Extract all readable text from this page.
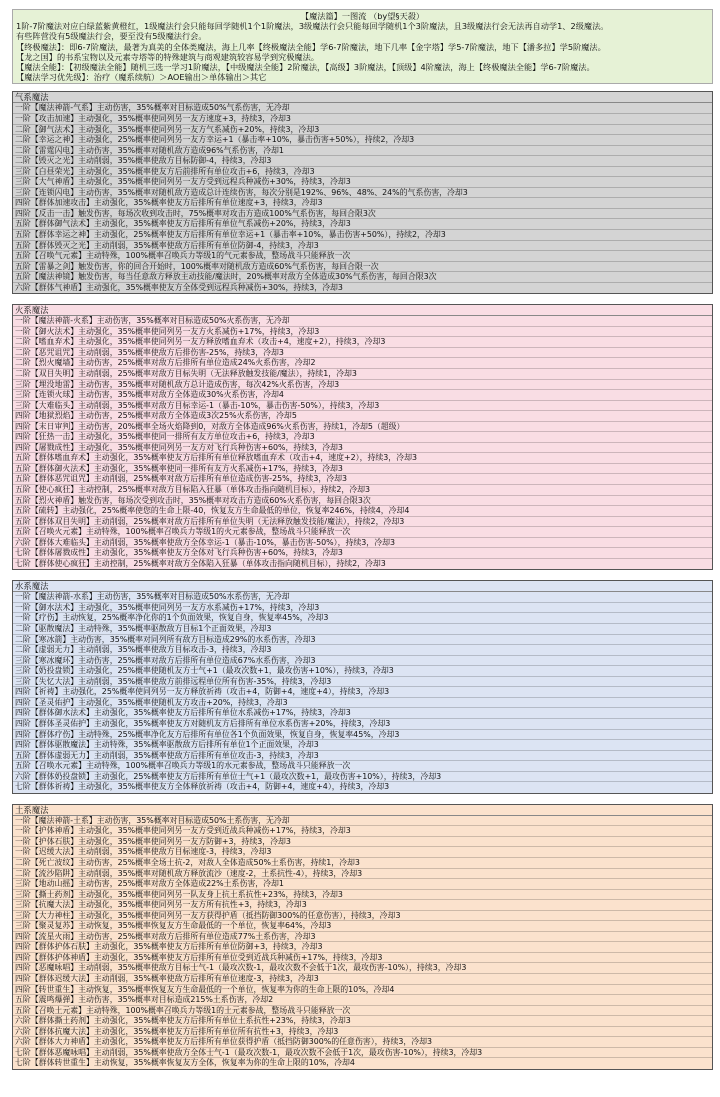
【魔法篇】一图流 （by望§天殺）
1阶-7阶魔法对应白绿蓝紫黄橙红，1级魔法行会只能每回学随机1个1阶魔法，3级魔法行会只能每回学随机1个3阶魔法，且3级魔法行会无法再自动学1、2级魔法。
有些阵营没有5级魔法行会，要至没有5级魔法行会。
【终极魔法】：即6-7阶魔法，最著为真美的全体类魔法，海上几率【终极魔法全能】学6-7阶魔法，地下几率【金字塔】学5-7阶魔法，地下【潘多拉】学5阶魔法。
【龙之国】的书系宝物以及元素寺塔等的特殊建筑与商观建筑较容易学到究极魔法。
【魔法全能】：【初级魔法全能】随机三选一学习1阶魔法，【中级魔法全能】2阶魔法，【高级】3阶魔法，【顶级】4阶魔法，海上【终极魔法全能】学6-7阶魔法。
【魔法学习优先级】：治疗（魔系续航）＞AOE输出＞单体输出＞其它
气系魔法
一阶【魔法神箭-气系】主动伤害，35%概率对目标造成50%气系伤害，无冷却
一阶【攻击加速】主动强化，35%概率使同列另一友方速度+3，持续3，冷却3
二阶【御气法术】主动强化，35%概率使同列另一友方气系减伤+20%，持续3，冷却3
二阶【幸运之神】主动强化，25%概率使同列另一友方幸运+1（暴击率+10%，暴击伤害+50%），持续2，冷却3
二阶【雷霆闪电】主动伤害，35%概率对随机敌方造成96%气系伤害，冷却1
二阶【毁灭之光】主动削弱，35%概率使敌方目标防御-4，持续3，冷却3
三阶【白昼荣光】主动强化，35%概率使友方后前排所有单位攻击+6，持续3，冷却3
三阶【大气神盾】主动强化，35%概率使同列另一友方受到远程兵种减伤+30%，持续3，冷却3
三阶【连锁闪电】主动伤害，35%概率对随机敌方造成总计连续伤害，每次分别是192%、96%、48%、24%的气系伤害，冷却3
四阶【群体加速攻击】主动强化，35%概率使友方后排所有单位速度+3，持续3，冷却3
四阶【反击一击】触发伤害，每场次收到攻击时，75%概率对攻击方造成100%气系伤害，每回合限3次
五阶【群体御气法术】主动强化，35%概率使友方后排所有单位气系减伤+20%，持续3，冷却3
五阶【群体幸运之神】主动强化，25%概率使友方后排所有单位幸运+1（暴击率+10%，暴击伤害+50%），持续2，冷却3
五阶【群体毁灭之光】主动削弱，35%概率使敌方后排所有单位防御-4，持续3，冷却3
五阶【召唤气元素】主动特殊，100%概率召唤兵力等级1的气元素参战，整场战斗只能释放一次
五阶【雷暴之剑】触发伤害，你的回合开始时，100%概率对随机敌方造成60%气系伤害，每回合限一次
五阶【魔法神镜】触发伤害，每当任意敌方释放主动技能/魔法时，20%概率对敌方全体造成30%气系伤害，每回合限3次
六阶【群体气神盾】主动强化，35%概率使友方全体受到远程兵种减伤+30%，持续3，冷却3
火系魔法
一阶【魔法神箭-火系】主动伤害，35%概率对目标造成50%火系伤害，无冷却
一阶【御火法术】主动强化，35%概率使同列另一友方火系减伤+17%，持续3，冷却3
二阶【嗜血弃术】主动强化，35%概率使同列另一友方释放嗜血弃术（攻击+4，速度+2），持续3，冷却3
二阶【恶咒诅咒】主动削弱，35%概率使敌方后排伤害-25%，持续3，冷却3
二阶【烈火魔墙】主动伤害，25%概率对敌方后排所有单位造成24%火系伤害，冷却2
二阶【双目失明】主动削弱，25%概率对敌方目标失明（无法释放触发技能/魔法），持续1，冷却3
三阶【埋没地雷】主动伤害，35%概率对随机敌方总计造成伤害，每次42%火系伤害，冷却3
三阶【连锁火球】主动伤害，35%概率对敌方全体造成30%火系伤害，冷却4
三阶【大难临头】主动削弱，35%概率对敌方目标幸运-1（暴击-10%，暴击伤害-50%），持续3，冷却3
四阶【地狱烈焰】主动伤害，25%概率对敌方全体造成3次25%火系伤害，冷却5
四阶【末日审判】主动伤害，20%概率全场火焰降到0，对敌方全体造成96%火系伤害，持续1，冷却5（超级）
四阶【狂热一击】主动强化，35%概率使同一排所有友方单位攻击+6，持续3，冷却3
四阶【屠戮成性】主动强化，35%概率使同列另一友方对飞行兵种伤害+60%，持续3，冷却3
五阶【群体嗜血弃术】主动强化，35%概率使友方后排所有单位释放嗜血弃术（攻击+4，速度+2），持续3，冷却3
五阶【群体御火法术】主动强化，35%概率使同一排所有友方火系减伤+17%，持续3，冷却3
五阶【群体恶咒诅咒】主动削弱，25%概率对敌方后排所有单位造成伤害-25%，持续3，冷却3
五阶【使心疯狂】主动控制，25%概率对敌方目标陷入狂暴（单体攻击指向随机目标），持续2，冷却3
五阶【烈火神盾】触发伤害，每场次受到攻击时，35%概率对攻击方造成60%火系伤害，每回合限3次
五阶【硫转】主动强化，25%概率使您的生命上限-40，恢复友方生命最低的单位，恢复率246%，持续4，冷却4
五阶【群体双目失明】主动削弱，25%概率对敌方后排所有单位失明（无法释放触发技能/魔法），持续2，冷却3
五阶【召唤火元素】主动特殊，100%概率召唤兵力等级1的火元素参战，整场战斗只能释放一次
六阶【群体大难临头】主动削弱，35%概率使敌方全体幸运-1（暴击-10%，暴击伤害-50%），持续3，冷却3
七阶【群体屠戮成性】主动强化，35%概率使友方全体对飞行兵种伤害+60%，持续3，冷却3
七阶【群体使心疯狂】主动控制，25%概率对敌方全体陷入狂暴（单体攻击指向随机目标），持续2，冷却3
水系魔法
一阶【魔法神箭-水系】主动伤害，35%概率对目标造成50%水系伤害，无冷却
一阶【御水法术】主动强化，35%概率使同列另一友方水系减伤+17%，持续3，冷却3
一阶【疗伤】主动恢复，25%概率净化你的1个负面效果，恢复自身，恢复率45%，冷却3
二阶【驱散魔法】主动特殊，35%概率驱散敌方目标1个正面效果，冷却3
二阶【寒冰箭】主动伤害，35%概率对同列所有敌方目标造成29%的水系伤害，冷却3
二阶【虚弱无力】主动削弱，35%概率使敌方目标攻击-3，持续3，冷却3
三阶【寒冰魔环】主动伤害，25%概率对敌方后排所有单位造成67%水系伤害，冷却3
三阶【奶投盘锁】主动强化，25%概率使随机友方士气+1（最攻次数+1，最攻伤害+10%），持续3，冷却3
三阶【失忆大法】主动削弱，35%概率使敌方前排远程单位所有伤害-35%，持续3，冷却3
四阶【祈祷】主动强化，25%概率使同列另一友方释放祈祷（攻击+4，防御+4，速度+4），持续3，冷却3
四阶【圣灵佑护】主动强化，35%概率使随机友方攻击+20%，持续3，冷却3
四阶【群体御水法术】主动强化，35%概率使友方后排所有单位水系减伤+17%，持续3，冷却3
四阶【群体圣灵佑护】主动强化，35%概率使友方对随机友方后排所有单位水系伤害+20%，持续3，冷却3
四阶【群体疗伤】主动特殊，25%概率净化友方后排所有单位各1个负面效果，恢复自身，恢复率45%，冷却3
四阶【群体驱散魔法】主动特殊，35%概率驱散敌方后排所有单位1个正面效果，冷却3
五阶【群体虚弱无力】主动削弱，35%概率使敌方后排所有单位攻击-3，持续3，冷却3
五阶【召唤水元素】主动特殊，100%概率召唤兵力等级1的水元素参战，整场战斗只能释放一次
六阶【群体奶投盘锁】主动强化，25%概率使友方后排所有单位士气+1（最攻次数+1，最攻伤害+10%），持续3，冷却3
七阶【群体祈祷】主动强化，35%概率使友方全体释放祈祷（攻击+4，防御+4，速度+4），持续3，冷却3
土系魔法
一阶【魔法神箭-土系】主动伤害，35%概率对目标造成50%土系伤害，无冷却
一阶【护体神盾】主动强化，35%概率使同列另一友方受到近战兵种减伤+17%，持续3，冷却3
一阶【护体石肤】主动强化，35%概率使同列另一友方防御+3，持续3，冷却3
一阶【迟缓大法】主动削弱，35%概率使敌方目标速度-3，持续3，冷却3
二阶【死亡波纹】主动伤害，25%概率全场土抗-2，对敌人全体造成50%土系伤害，持续1，冷却3
二阶【流沙陷阱】主动削弱，35%概率对随机敌方释放流沙（速度-2，土系抗性-4），持续3，冷却3
三阶【地动山摇】主动伤害，25%概率对敌方全体造成22%土系伤害，冷却1
三阶【撕土药剂】主动强化，35%概率使同列另一队友身上抗土系抗性+23%，持续3，冷却3
三阶【抗魔大法】主动强化，35%概率使同列另一友方所有抗性+3，持续3，冷却3
三阶【大力神柱】主动强化，35%概率使同列另一友方获得护盾（抵挡防御300%的任意伤害），持续3，冷却3
三阶【聚灵复苏】主动恢复，35%概率恢复友方生命最低的一个单位，恢复率64%，冷却3
四阶【流星火雨】主动伤害，25%概率对敌方后排所有单位造成77%土系伤害，冷却3
四阶【群体护体石肤】主动强化，35%概率使友方后排所有单位防御+3，持续3，冷却3
四阶【群体护体神盾】主动强化，35%概率使友方后排所有单位受到近战兵种减伤+17%，持续3，冷却3
四阶【恶魔咏唱】主动削弱，35%概率使敌方目标士气-1（最攻次数-1，最攻次数不会低于1次，最攻伤害-10%），持续3，冷却3
四阶【群体迟缓大法】主动削弱，35%概率使敌方后排所有单位速度-3，持续3，冷却3
四阶【转世重生】主动恢复，35%概率恢复友方生命最低的一个单位，恢复率为你的生命上限的10%，冷却4
五阶【震鸣爆弹】主动伤害，35%概率对目标造成215%土系伤害，冷却2
五阶【召唤土元素】主动特殊，100%概率召唤兵力等级1的土元素参战，整场战斗只能释放一次
六阶【群体撕土药剂】主动强化，35%概率使友方后排所有单位土系抗性+23%，持续3，冷却3
六阶【群体抗魔大法】主动强化，35%概率使友方后排所有单位所有抗性+3，持续3，冷却3
六阶【群体大力神盾】主动强化，35%概率使友方后排所有单位获得护盾（抵挡防御300%的任意伤害），持续3，冷却3
七阶【群体恶魔咏唱】主动削弱，35%概率使敌方全体士气-1（最攻次数-1，最攻次数不会低于1次，最攻伤害-10%），持续3，冷却3
七阶【群体转世重生】主动恢复，35%概率恢复友方全体，恢复率为你的生命上限的10%，冷却4
